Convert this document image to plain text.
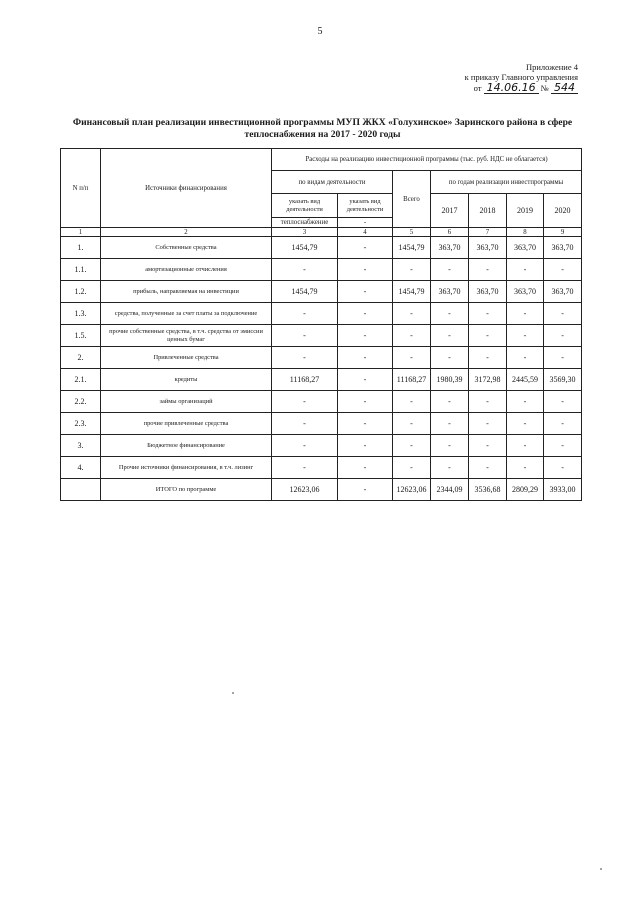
5
Приложение 4
к приказу Главного управления
от 14.06.16 № 544
Финансовый план реализации инвестиционной программы МУП ЖКХ «Голухинское» Заринского района в сфере теплоснабжения на 2017 - 2020 годы
N п/п	Источники финансирования	Расходы на реализацию инвестиционной программы (тыс. руб. НДС не облагается)						
		по видам деятельности		Всего	по годам реализации инвестпрограммы			
		указать вид деятельности	указать вид деятельности		2017	2018	2019	2020
		теплоснабжение	-					
1	2	3	4	5	6	7	8	9
1.	Собственные средства	1454,79	-	1454,79	363,70	363,70	363,70	363,70
1.1.	амортизационные отчисления	-	-	-	-	-	-	-
1.2.	прибыль, направляемая на инвестиции	1454,79	-	1454,79	363,70	363,70	363,70	363,70
1.3.	средства, полученные за счет платы за подключение	-	-	-	-	-	-	-
1.5.	прочие собственные средства, в т.ч. средства от эмиссии ценных бумаг	-	-	-	-	-	-	-
2.	Привлеченные средства	-	-	-	-	-	-	-
2.1.	кредиты	11168,27	-	11168,27	1980,39	3172,98	2445,59	3569,30
2.2.	займы организаций	-	-	-	-	-	-	-
2.3.	прочие привлеченные средства	-	-	-	-	-	-	-
3.	Бюджетное финансирование	-	-	-	-	-	-	-
4.	Прочие источники финансирования, в т.ч. лизинг	-	-	-	-	-	-	-
	ИТОГО по программе	12623,06	-	12623,06	2344,09	3536,68	2809,29	3933,00
